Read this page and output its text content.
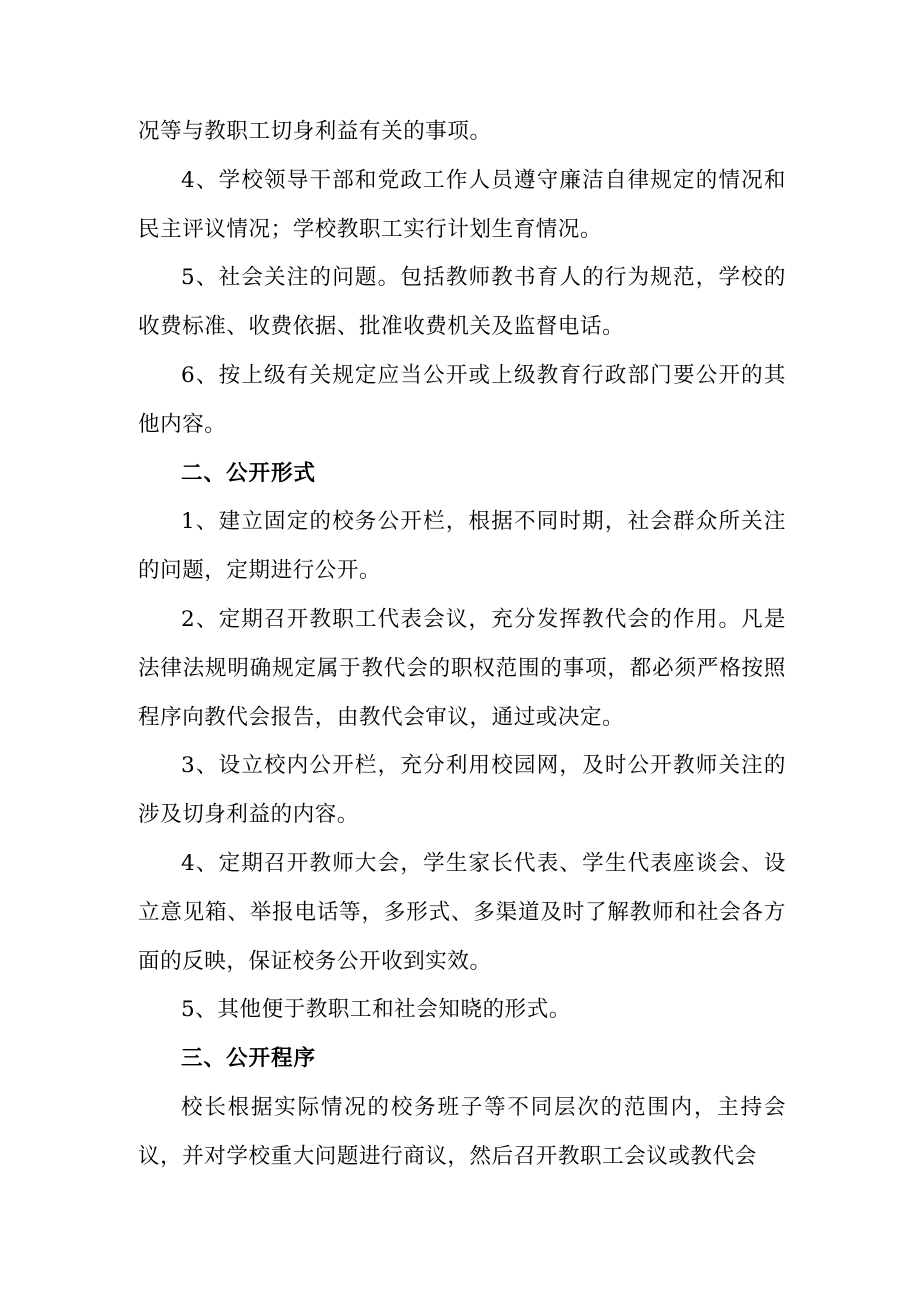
况等与教职工切身利益有关的事项。

4、学校领导干部和党政工作人员遵守廉洁自律规定的情况和民主评议情况；学校教职工实行计划生育情况。

5、社会关注的问题。包括教师教书育人的行为规范，学校的收费标准、收费依据、批准收费机关及监督电话。

6、按上级有关规定应当公开或上级教育行政部门要公开的其他内容。

二、公开形式

1、建立固定的校务公开栏，根据不同时期，社会群众所关注的问题，定期进行公开。

2、定期召开教职工代表会议，充分发挥教代会的作用。凡是法律法规明确规定属于教代会的职权范围的事项，都必须严格按照程序向教代会报告，由教代会审议，通过或决定。

3、设立校内公开栏，充分利用校园网，及时公开教师关注的涉及切身利益的内容。

4、定期召开教师大会，学生家长代表、学生代表座谈会、设立意见箱、举报电话等，多形式、多渠道及时了解教师和社会各方面的反映，保证校务公开收到实效。

5、其他便于教职工和社会知晓的形式。

三、公开程序

校长根据实际情况的校务班子等不同层次的范围内，主持会议，并对学校重大问题进行商议，然后召开教职工会议或教代会
